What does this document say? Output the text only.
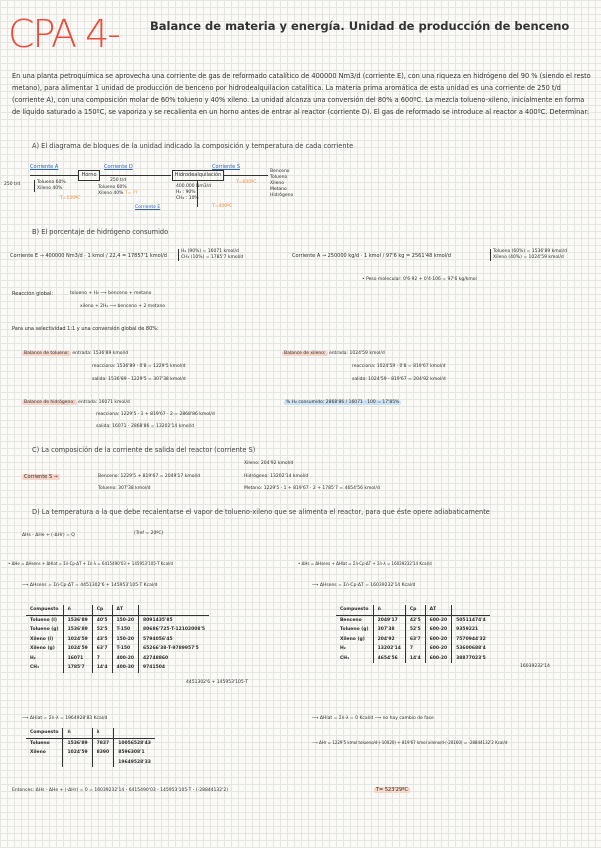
CPA 4-	Balance de materia y energía. Unidad de producción de benceno
En una planta petroquímica se aprovecha una corriente de gas de reformado catalítico de 400000 Nm3/d (corriente E), con una riqueza en hidrógeno del 90 % (siendo el resto metano), para alimentar 1 unidad de producción de benceno por hidrodealquilacion catalítica. La materia prima aromática de esta unidad es una corriente de 250 t/d (corriente A), con una composición molar de 60% tolueno y 40% xileno. La unidad alcanza una conversión del 80% a 600ºC. La mezcla tolueno-xileno, inicialmente en forma de líquido saturado a 150ºC, se vaporiza y se recalienta en un horno antes de entrar al reactor (corriente D). El gas de reformado se introduce al reactor a 400ºC. Determinar:
A) El diagrama de bloques de la unidad indicado la composición y temperatura de cada corriente
Corriente A	Corriente D	Corriente S
Horno	Hidrodealquilación
250 t/d	Tolueno 60%
Xileno 40%
T=150ºC
250 t/d
Tolueno 60%
Xileno 40% T= ??
400.000 Nm3/d
H₂ : 90%
CH₄ : 10%
Corriente E	T=400ºC
T=600ºC
Benceno
Tolueno
Xileno
Metano
Hidrógeno
B) El porcentaje de hidrógeno consumido
Corriente E → 400000 Nm3/d · 1 kmol / 22,4 = 17857'1 kmol/d
H₂ (90%) = 16071 kmol/d
CH₄ (10%) = 1785'7 kmol/d	Corriente A → 250000 kg/d · 1 kmol / 97'6 kg = 2561'48 kmol/d
Tolueno (60%) = 1536'89 kmol/d
Xileno (40%) = 1024'59 kmol/d
• Peso molecular: 0'6·92 + 0'4·106 = 97'6 kg/kmol
Reacción global:	tolueno + H₂ ⟶ benceno + metano
xileno + 2H₂ ⟶ benceno + 2 metano
Para una selectividad 1:1 y una conversión global de 80%:
Balance de tolueno: entrada: 1536'89 kmol/d
reacciona: 1536'89 · 0'8 = 1229'5 kmol/d
salida: 1536'89 - 1229'5 = 307'38 kmol/d
Balance de xileno: entrada: 1024'59 kmol/d
reacciona: 1024'59 · 0'8 = 819'67 kmol/d
salida: 1024'59 - 819'67 = 204'92 kmol/d
Balance de hidrógeno: entrada: 16071 kmol/d
reacciona: 1229'5 · 1 + 819'67 · 2 = 2868'86 kmol/d
salida: 16071 - 2868'86 = 13202'14 kmol/d
% H₂ consumido: 2868'86 / 16071 · 100 = 17'85%
C) La composición de la corriente de salida del reactor (corriente S)
Corriente S →	Benceno: 1229'5 + 819'67 = 2049'17 kmol/d
Tolueno: 307'38 kmol/d
Xileno: 204'92 kmol/d
Hidrógeno: 13202'14 kmol/d
Metano: 1229'5 · 1 + 819'67 · 2 + 1785'7 = 4654'56 kmol/d
D) La temperatura a la que debe recalentarse el vapor de tolueno-xileno que se alimenta el reactor, para que éste opere adiabaticamente
ΔHs - ΔHe + (-ΔHr) = Q	(Tref = 20ºC)
• ΔHe = ΔHsens + ΔHlat = Σṅ·Cp·ΔT + Σṅ·λ = 6415490'03 + 145953'105·T Kcal/d	• ΔHs = ΔHsens + ΔHlat = Σṅ·Cp·ΔT + Σṅ·λ = 16039232'14 Kcal/d
⟶ ΔHsens = Σṅ·Cp·ΔT = 4451302'6 + 145953'105·T Kcal/d	⟶ ΔHsens = Σṅ·Cp·ΔT = 16039232'14 Kcal/d
Compuesto	ṅ	Cp	ΔT	
Tolueno (l)	1536'89	40'5	150-20	8091435'85
Tolueno (g)	1536'89	52'5	T-150	80686'725·T-12102008'5
Xileno (l)	1024'59	43'5	150-20	5794056'45
Xileno (g)	1024'59	63'7	T-150	65266'38·T-9789957'5
H₂	16071	7	400-20	42748860
CH₄	1785'7	14'4	400-30	9741504
4451302'6 + 145953'105·T
Compuesto	ṅ	Cp	ΔT	
Benceno	2049'17	42'5	600-20	50511474'4
Tolueno (g)	307'38	52'5	600-20	9359221
Xileno (g)	204'92	63'7	600-20	7570944'32
H₂	13202'14	7	600-20	53600688'4
CH₄	4654'56	14'4	600-20	38877023'5
16039232'14
⟶ ΔHlat = Σṅ·λ = 1964928'83 Kcal/d
Compuesto	ṅ	λ	
Tolueno	1536'89	7837	10056528'43
Xileno	1024'59	8390	8596308'1
			19649528'33
⟶ ΔHlat = Σṅ·λ = 0 Kcal/d ⟶ no hay cambio de fase
⟶ ΔHr = 1229'5 kmol tolueno/d·(-10020) + 819'67 kmol xileno/d·(-20160) = -28844132'2 Kcal/d
Entonces: ΔHs - ΔHe + (-ΔHr) = 0 = 16039232'14 - 6415490'03 - 145953'105·T - (-28844132'2)	T= 523'29ºC
